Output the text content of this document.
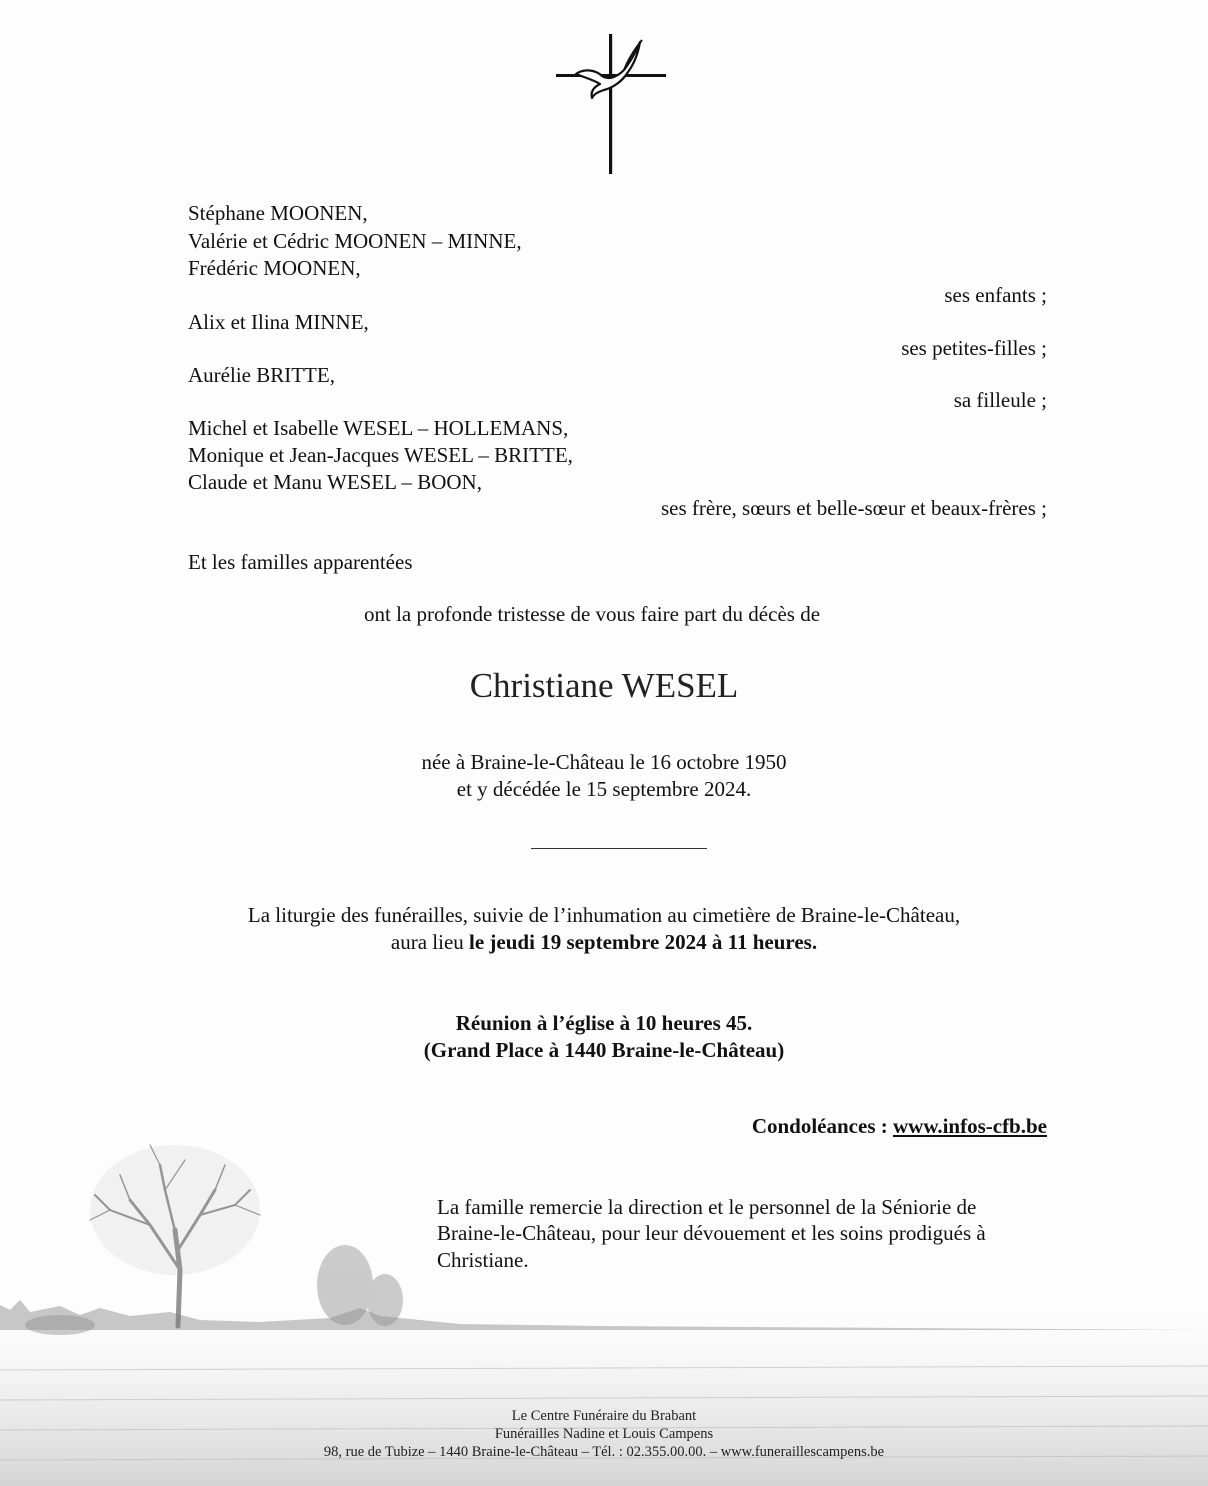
Stéphane MOONEN,
Valérie et Cédric MOONEN – MINNE,
Frédéric MOONEN,
ses enfants ;
Alix et Ilina MINNE,
ses petites-filles ;
Aurélie BRITTE,
sa filleule ;
Michel et Isabelle WESEL – HOLLEMANS,
Monique et Jean-Jacques WESEL – BRITTE,
Claude et Manu WESEL – BOON,
ses frère, sœurs et belle-sœur et beaux-frères ;
Et les familles apparentées
ont la profonde tristesse de vous faire part du décès de
Christiane WESEL
née à Braine-le-Château le 16 octobre 1950
et y décédée le 15 septembre 2024.
La liturgie des funérailles, suivie de l’inhumation au cimetière de Braine-le-Château,
aura lieu le jeudi 19 septembre 2024 à 11 heures.
Réunion à l’église à 10 heures 45.
(Grand Place à 1440 Braine-le-Château)
Condoléances : www.infos-cfb.be
La famille remercie la direction et le personnel de la Séniorie de
Braine-le-Château, pour leur dévouement et les soins prodigués à
Christiane.
Le Centre Funéraire du Brabant
Funérailles Nadine et Louis Campens
98, rue de Tubize – 1440 Braine-le-Château – Tél. : 02.355.00.00. – www.funeraillescampens.be
